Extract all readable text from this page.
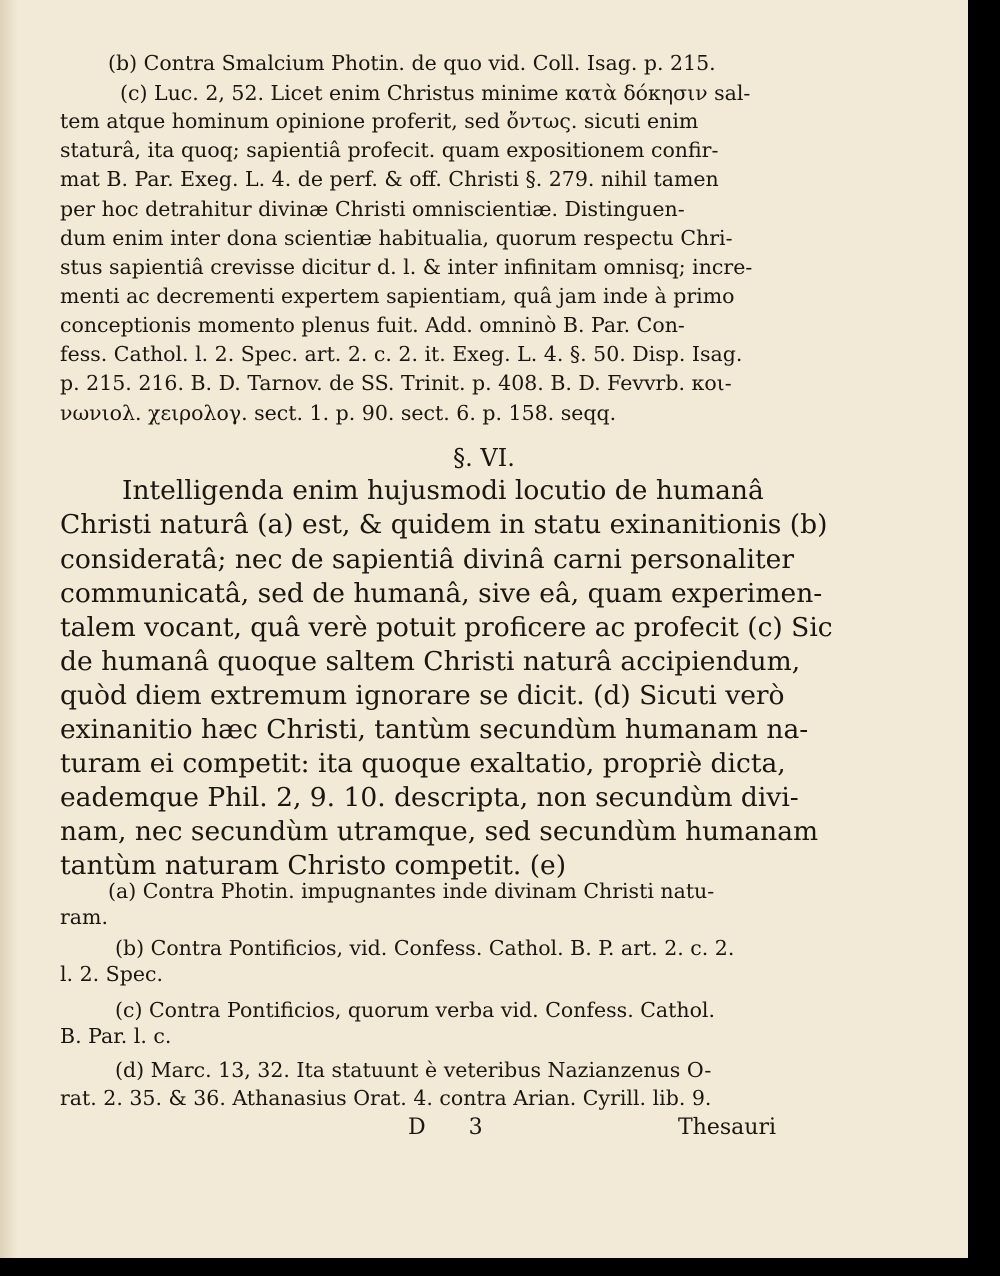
(b) Contra Smalcium Photin. de quo vid. Coll. Isag. p. 215.
(c) Luc. 2, 52. Licet enim Christus minime κατὰ δόκησιν sal-
tem atque hominum opinione proferit, sed ὄντως. sicuti enim
staturâ, ita quoq; sapientiâ profecit. quam expositionem confir-
mat B. Par. Exeg. L. 4. de perf. & off. Christi §. 279. nihil tamen
per hoc detrahitur divinæ Christi omniscientiæ. Distinguen-
dum enim inter dona scientiæ habitualia, quorum respectu Chri-
stus sapientiâ crevisse dicitur d. l. & inter infinitam omnisq; incre-
menti ac decrementi expertem sapientiam, quâ jam inde à primo
conceptionis momento plenus fuit. Add. omninò B. Par. Con-
fess. Cathol. l. 2. Spec. art. 2. c. 2. it. Exeg. L. 4. §. 50. Disp. Isag.
p. 215. 216. B. D. Tarnov. de SS. Trinit. p. 408. B. D. Fevvrb. κοι-
νωνιολ. χειρολογ. sect. 1. p. 90. sect. 6. p. 158. seqq.
§. VI.
Intelligenda enim hujusmodi locutio de humanâ
Christi naturâ (a) est, & quidem in statu exinanitionis (b)
consideratâ; nec de sapientiâ divinâ carni personaliter
communicatâ, sed de humanâ, sive eâ, quam experimen-
talem vocant, quâ verè potuit proficere ac profecit (c) Sic
de humanâ quoque saltem Christi naturâ accipiendum,
quòd diem extremum ignorare se dicit. (d) Sicuti verò
exinanitio hæc Christi, tantùm secundùm humanam na-
turam ei competit: ita quoque exaltatio, propriè dicta,
eademque Phil. 2, 9. 10. descripta, non secundùm divi-
nam, nec secundùm utramque, sed secundùm humanam
tantùm naturam Christo competit. (e)
(a) Contra Photin. impugnantes inde divinam Christi natu-
ram.
(b) Contra Pontificios, vid. Confess. Cathol. B. P. art. 2. c. 2.
l. 2. Spec.
(c) Contra Pontificios, quorum verba vid. Confess. Cathol.
B. Par. l. c.
(d) Marc. 13, 32. Ita statuunt è veteribus Nazianzenus O-
rat. 2. 35. & 36. Athanasius Orat. 4. contra Arian. Cyrill. lib. 9.
D 3	Thesauri
